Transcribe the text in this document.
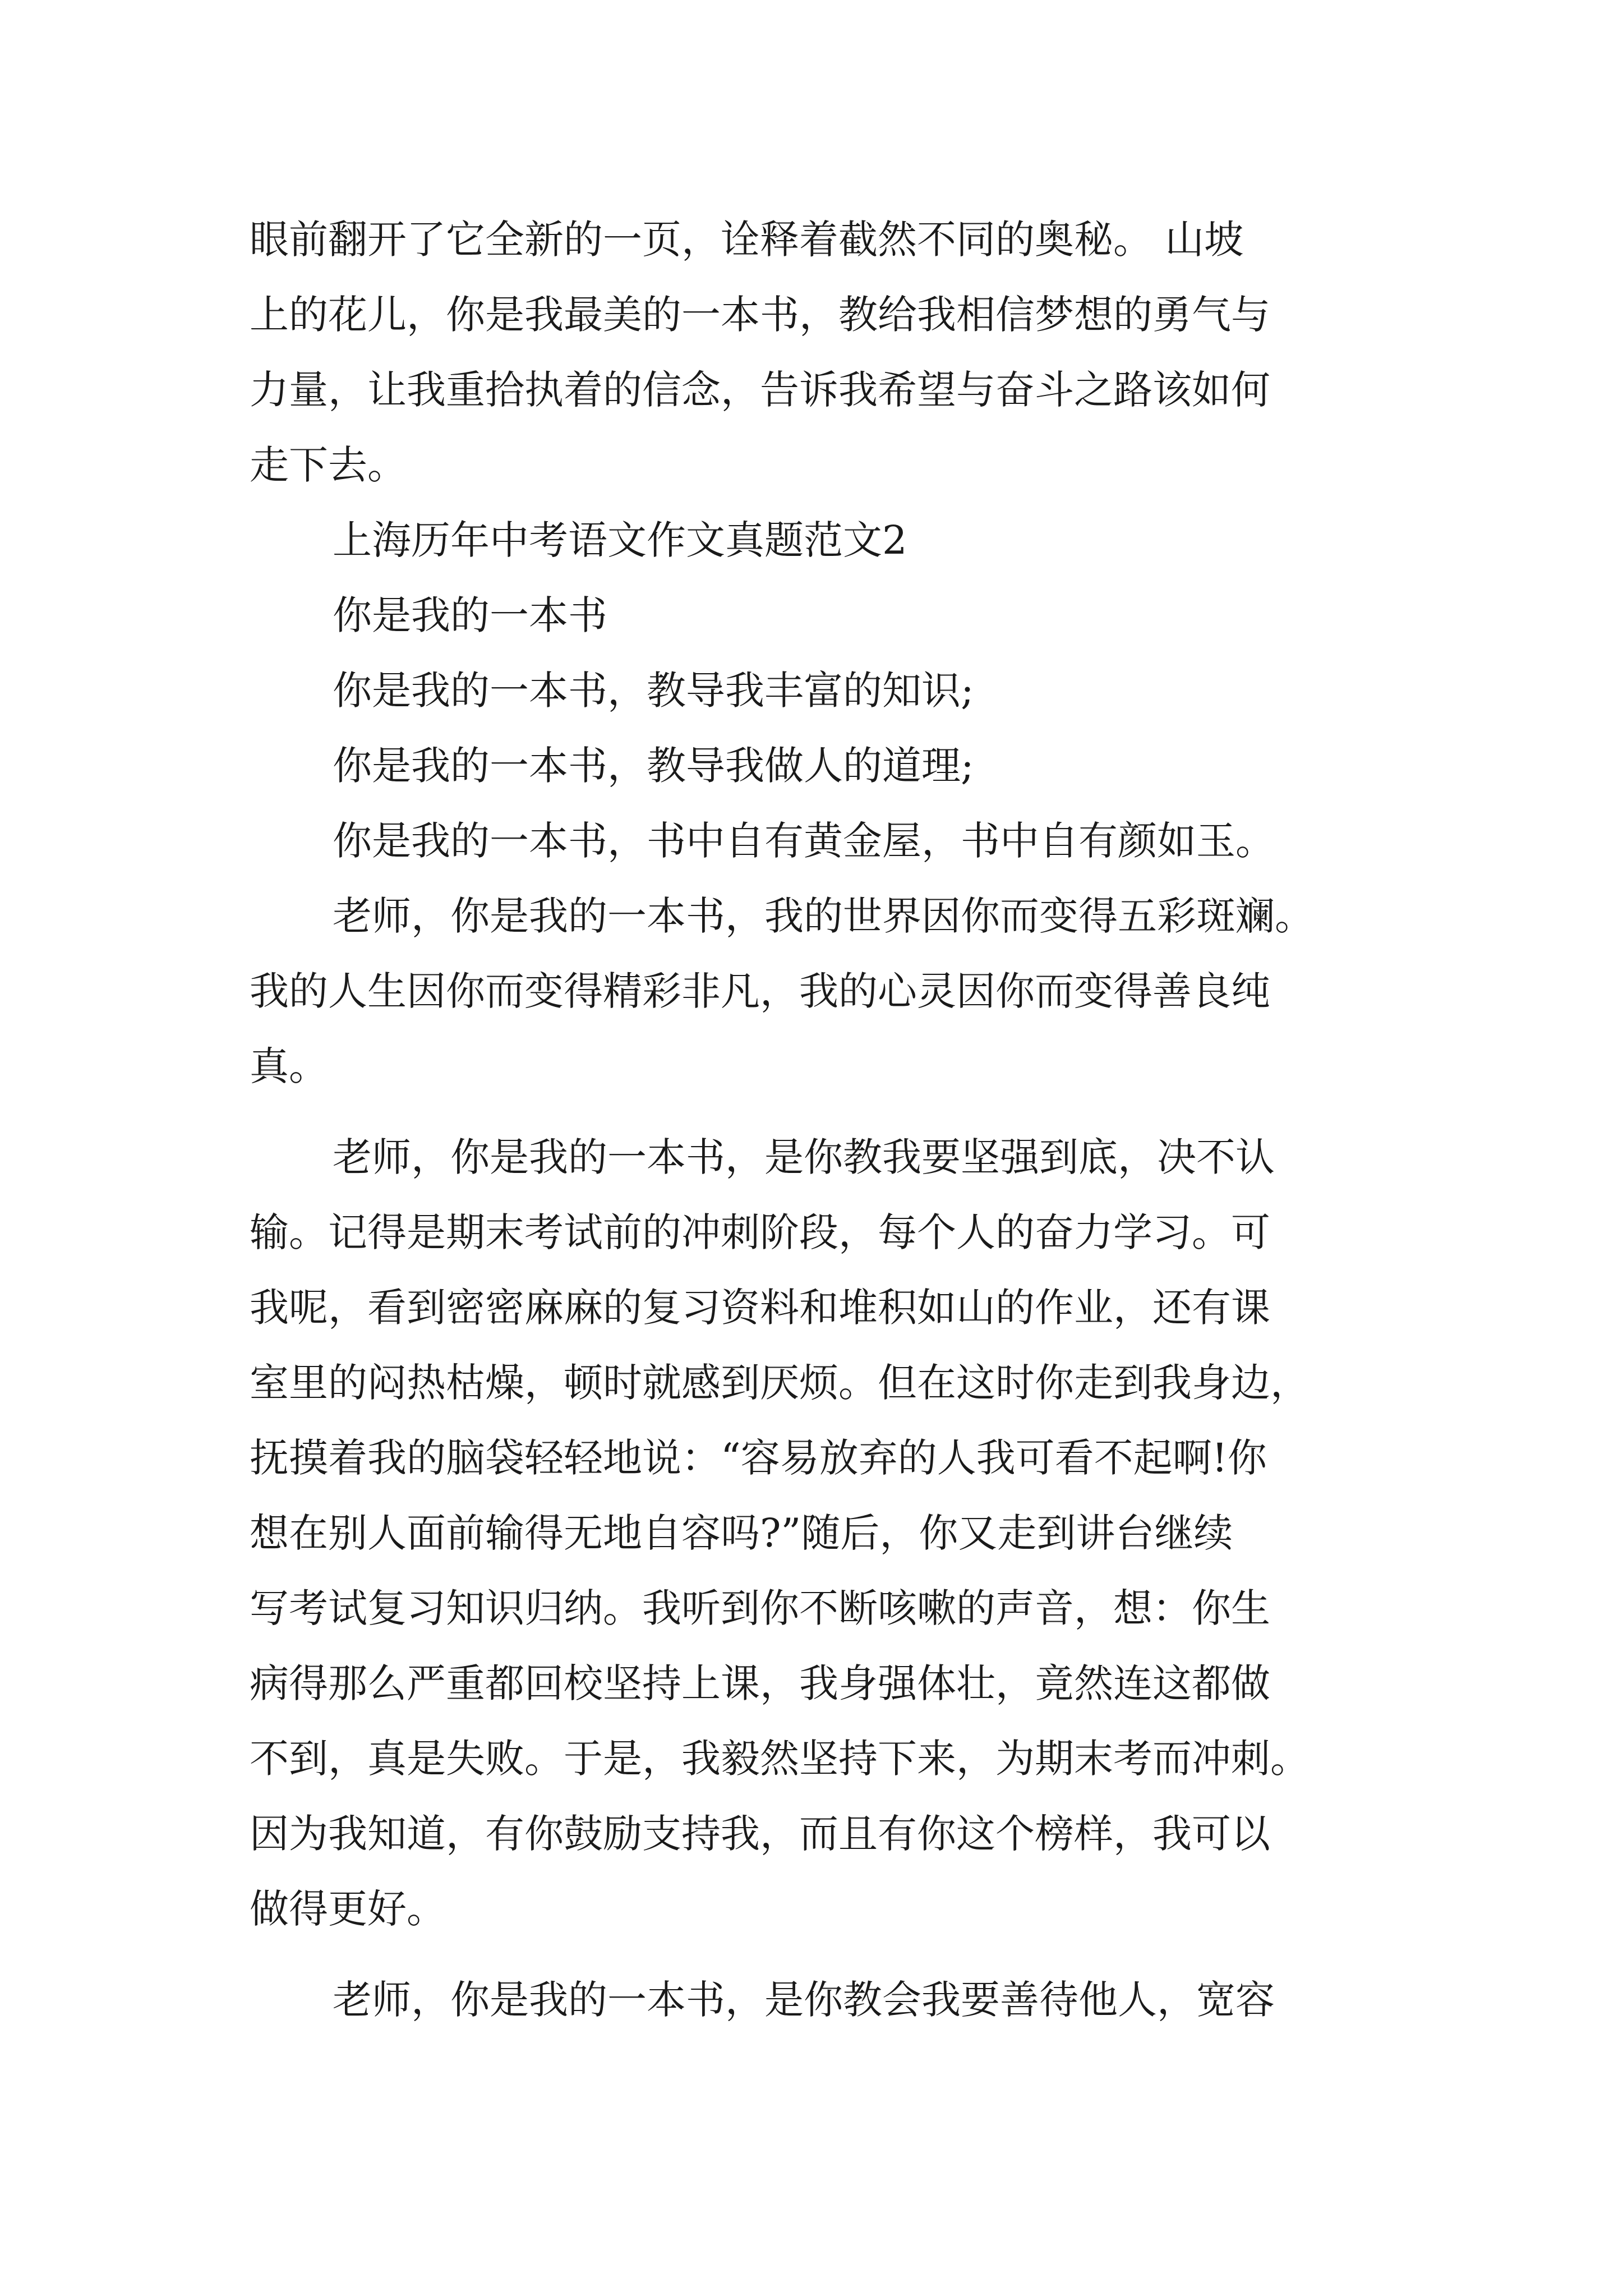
眼前翻开了它全新的一页，诠释着截然不同的奥秘。 山坡
上的花儿，你是我最美的一本书，教给我相信梦想的勇气与
力量，让我重拾执着的信念，告诉我希望与奋斗之路该如何
走下去。
上海历年中考语文作文真题范文2
你是我的一本书
你是我的一本书，教导我丰富的知识;
你是我的一本书，教导我做人的道理;
你是我的一本书，书中自有黄金屋，书中自有颜如玉。
老师，你是我的一本书，我的世界因你而变得五彩斑斓。
我的人生因你而变得精彩非凡，我的心灵因你而变得善良纯
真。
老师，你是我的一本书，是你教我要坚强到底，决不认
输。记得是期末考试前的冲刺阶段，每个人的奋力学习。可
我呢，看到密密麻麻的复习资料和堆积如山的作业，还有课
室里的闷热枯燥，顿时就感到厌烦。但在这时你走到我身边，
抚摸着我的脑袋轻轻地说：“容易放弃的人我可看不起啊!你
想在别人面前输得无地自容吗?”随后，你又走到讲台继续
写考试复习知识归纳。我听到你不断咳嗽的声音，想：你生
病得那么严重都回校坚持上课，我身强体壮，竟然连这都做
不到，真是失败。于是，我毅然坚持下来，为期末考而冲刺。
因为我知道，有你鼓励支持我，而且有你这个榜样，我可以
做得更好。
老师，你是我的一本书，是你教会我要善待他人，宽容
